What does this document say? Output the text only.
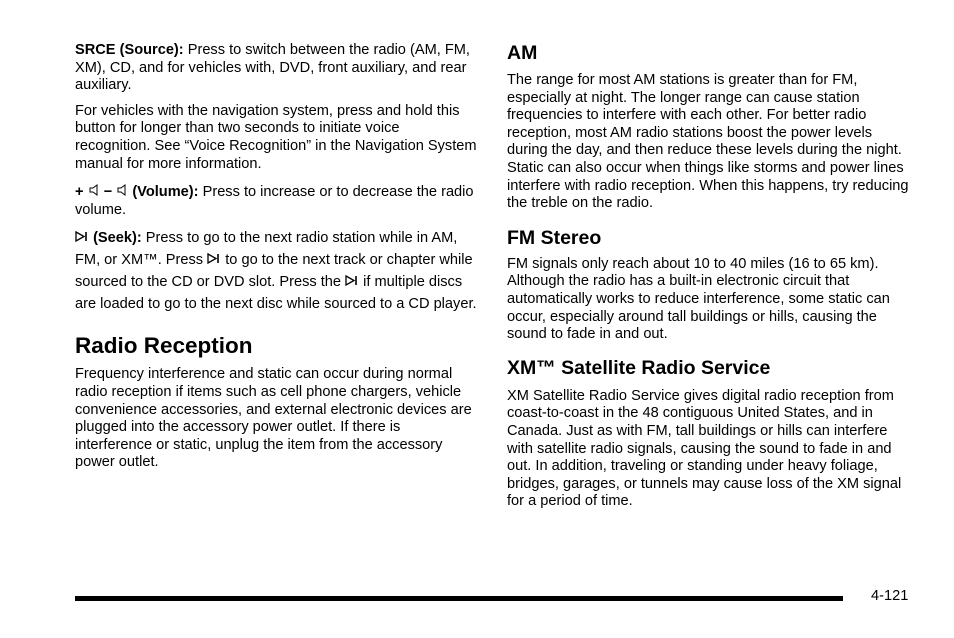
SRCE (Source): Press to switch between the radio (AM, FM, XM), CD, and for vehicles with, DVD, front auxiliary, and rear auxiliary.

For vehicles with the navigation system, press and hold this button for longer than two seconds to initiate voice recognition. See “Voice Recognition” in the Navigation System manual for more information.

+ − (Volume): Press to increase or to decrease the radio volume.

(Seek): Press to go to the next radio station while in AM, FM, or XM™. Press to go to the next track or chapter while sourced to the CD or DVD slot. Press the if multiple discs are loaded to go to the next disc while sourced to a CD player.

Radio Reception

Frequency interference and static can occur during normal radio reception if items such as cell phone chargers, vehicle convenience accessories, and external electronic devices are plugged into the accessory power outlet. If there is interference or static, unplug the item from the accessory power outlet.

AM

The range for most AM stations is greater than for FM, especially at night. The longer range can cause station frequencies to interfere with each other. For better radio reception, most AM radio stations boost the power levels during the day, and then reduce these levels during the night. Static can also occur when things like storms and power lines interfere with radio reception. When this happens, try reducing the treble on the radio.

FM Stereo

FM signals only reach about 10 to 40 miles (16 to 65 km). Although the radio has a built-in electronic circuit that automatically works to reduce interference, some static can occur, especially around tall buildings or hills, causing the sound to fade in and out.

XM™ Satellite Radio Service

XM Satellite Radio Service gives digital radio reception from coast-to-coast in the 48 contiguous United States, and in Canada. Just as with FM, tall buildings or hills can interfere with satellite radio signals, causing the sound to fade in and out. In addition, traveling or standing under heavy foliage, bridges, garages, or tunnels may cause loss of the XM signal for a period of time.

4-121
